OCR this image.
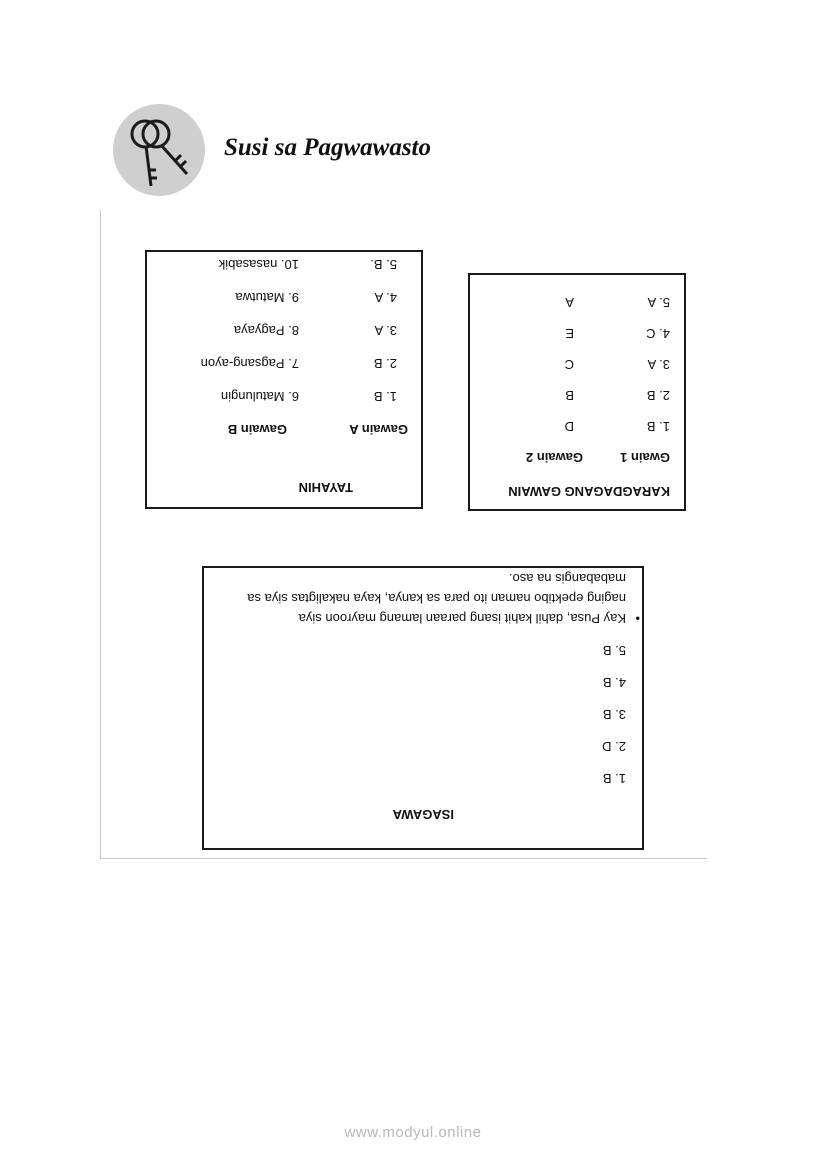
Susi sa Pagwawasto
KARAGDAGANG GAWAIN
Gwain 1
Gawain 2
1. B
D
2. B
B
3. A
C
4. C
E
5. A
A
TAYAHIN
Gawain A
Gawain B
1. B
6. Matulungin
2. B
7. Pagsang-ayon
3. A
8. Pagyaya
4. A
9. Matutwa
5. B.
10. nasasabik
ISAGAWA
1. B
2. D
3. B
4. B
5. B
•
Kay Pusa, dahil kahit isang paraan lamang mayroon siya
naging epektibo naman ito para sa kanya, kaya nakaligtas siya sa
mababangis na aso.
www.modyul.online
